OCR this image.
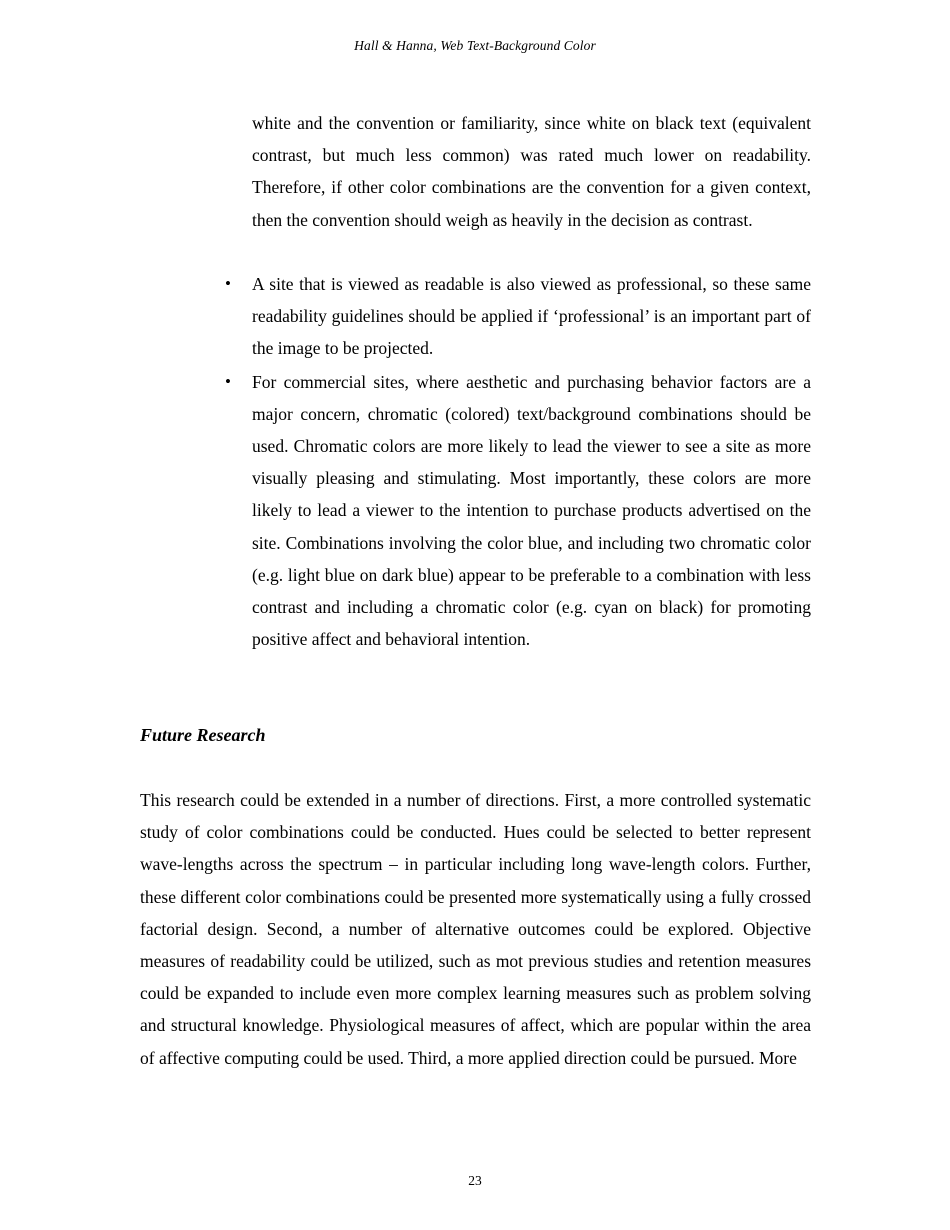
Hall & Hanna, Web Text-Background Color

white and the convention or familiarity, since white on black text (equivalent contrast, but much less common) was rated much lower on readability. Therefore, if other color combinations are the convention for a given context, then the convention should weigh as heavily in the decision as contrast.

• A site that is viewed as readable is also viewed as professional, so these same readability guidelines should be applied if ‘professional’ is an important part of the image to be projected.
• For commercial sites, where aesthetic and purchasing behavior factors are a major concern, chromatic (colored) text/background combinations should be used. Chromatic colors are more likely to lead the viewer to see a site as more visually pleasing and stimulating. Most importantly, these colors are more likely to lead a viewer to the intention to purchase products advertised on the site. Combinations involving the color blue, and including two chromatic color (e.g. light blue on dark blue) appear to be preferable to a combination with less contrast and including a chromatic color (e.g. cyan on black) for promoting positive affect and behavioral intention.
Future Research

This research could be extended in a number of directions. First, a more controlled systematic study of color combinations could be conducted. Hues could be selected to better represent wave-lengths across the spectrum – in particular including long wave-length colors. Further, these different color combinations could be presented more systematically using a fully crossed factorial design. Second, a number of alternative outcomes could be explored. Objective measures of readability could be utilized, such as mot previous studies and retention measures could be expanded to include even more complex learning measures such as problem solving and structural knowledge. Physiological measures of affect, which are popular within the area of affective computing could be used. Third, a more applied direction could be pursued. More

23
